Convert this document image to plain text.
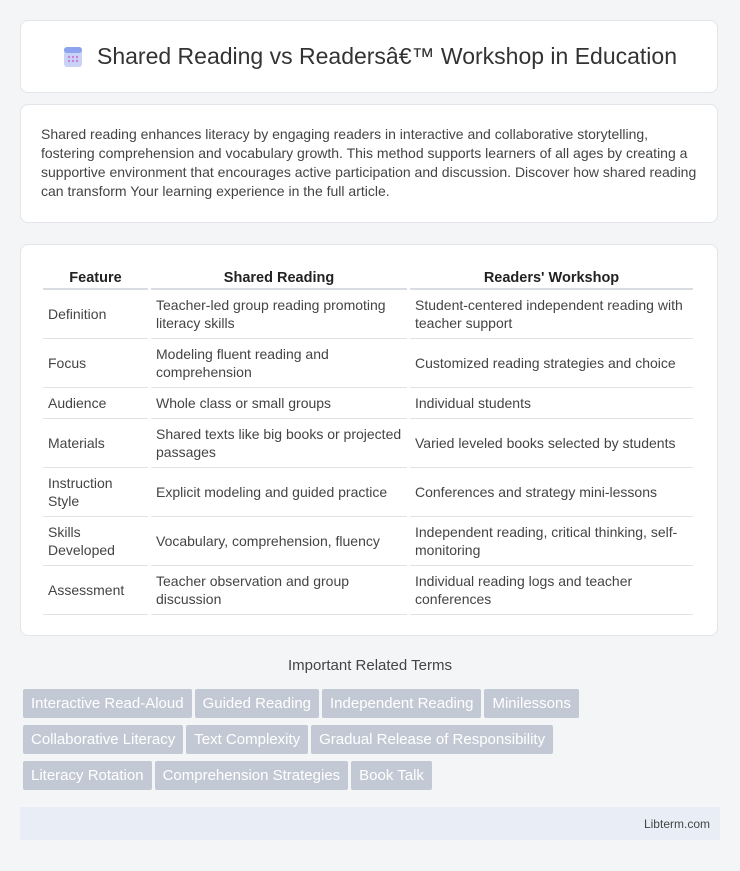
Shared Reading vs Readersâ€™ Workshop in Education
Shared reading enhances literacy by engaging readers in interactive and collaborative storytelling, fostering comprehension and vocabulary growth. This method supports learners of all ages by creating a supportive environment that encourages active participation and discussion. Discover how shared reading can transform Your learning experience in the full article.
Feature	Shared Reading	Readers' Workshop
Definition	Teacher-led group reading promoting literacy skills	Student-centered independent reading with teacher support
Focus	Modeling fluent reading and comprehension	Customized reading strategies and choice
Audience	Whole class or small groups	Individual students
Materials	Shared texts like big books or projected passages	Varied leveled books selected by students
Instruction Style	Explicit modeling and guided practice	Conferences and strategy mini-lessons
Skills Developed	Vocabulary, comprehension, fluency	Independent reading, critical thinking, self-monitoring
Assessment	Teacher observation and group discussion	Individual reading logs and teacher conferences
Important Related Terms
Interactive Read-Aloud Guided Reading Independent Reading Minilessons
Collaborative Literacy Text Complexity Gradual Release of Responsibility
Literacy Rotation Comprehension Strategies Book Talk
Libterm.com
